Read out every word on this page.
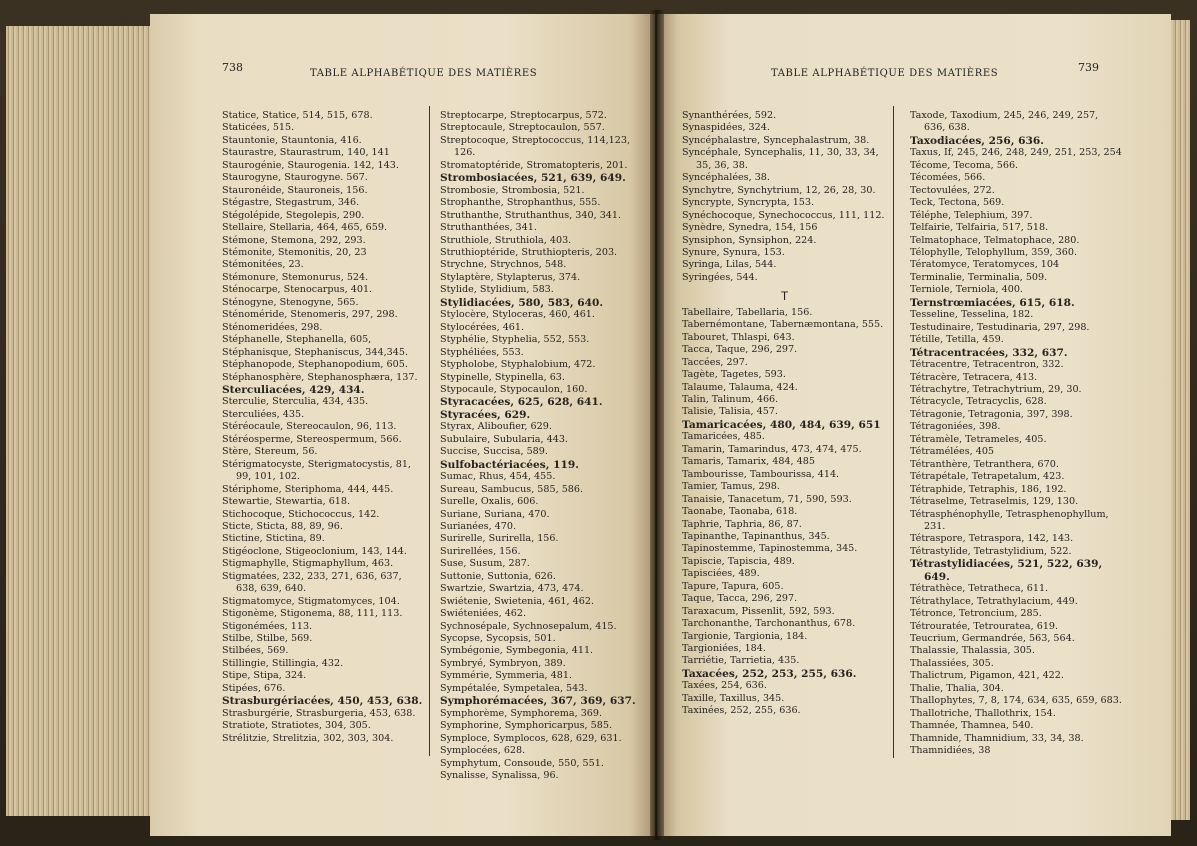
738	TABLE ALPHABÉTIQUE DES MATIÈRES
Statice, Statice, 514, 515, 678.
Staticées, 515.
Stauntonie, Stauntonia, 416.
Staurastre, Staurastrum, 140, 141
Staurogénie, Staurogenia. 142, 143.
Staurogyne, Staurogyne. 567.
Stauronéide, Stauroneis, 156.
Stégastre, Stegastrum, 346.
Stégolépide, Stegolepis, 290.
Stellaire, Stellaria, 464, 465, 659.
Stémone, Stemona, 292, 293.
Stémonite, Stemonitis, 20, 23
Stémonitées, 23.
Stémonure, Stemonurus, 524.
Sténocarpe, Stenocarpus, 401.
Sténogyne, Stenogyne, 565.
Sténoméride, Stenomeris, 297, 298.
Sténomeridées, 298.
Stéphanelle, Stephanella, 605,
Stéphanisque, Stephaniscus, 344,345.
Stéphanopode, Stephanopodium, 605.
Stéphanosphère, Stephanosphæra, 137.
Sterculiacées, 429, 434.
Sterculie, Sterculia, 434, 435.
Sterculiées, 435.
Stéréocaule, Stereocaulon, 96, 113.
Stéréosperme, Stereospermum, 566.
Stère, Stereum, 56.
Stérigmatocyste, Sterigmatocystis, 81, 99, 101, 102.
Stériphome, Steriphoma, 444, 445.
Stewartie, Stewartia, 618.
Stichocoque, Stichococcus, 142.
Sticte, Sticta, 88, 89, 96.
Stictine, Stictina, 89.
Stigéoclone, Stigeoclonium, 143, 144.
Stigmaphylle, Stigmaphyllum, 463.
Stigmatées, 232, 233, 271, 636, 637, 638, 639, 640.
Stigmatomyce, Stigmatomyces, 104.
Stigonème, Stigonema, 88, 111, 113.
Stigonémées, 113.
Stilbe, Stilbe, 569.
Stilbées, 569.
Stillingie, Stillingia, 432.
Stipe, Stipa, 324.
Stipées, 676.
Strasburgériacées, 450, 453, 638.
Strasburgérie, Strasburgeria, 453, 638.
Stratiote, Stratiotes, 304, 305.
Strélitzie, Strelitzia, 302, 303, 304.
Streptocarpe, Streptocarpus, 572.
Streptocaule, Streptocaulon, 557.
Streptocoque, Streptococcus, 114,123, 126.
Stromatoptéride, Stromatopteris, 201.
Strombosiacées, 521, 639, 649.
Strombosie, Strombosia, 521.
Strophanthe, Strophanthus, 555.
Struthanthe, Struthanthus, 340, 341.
Struthanthées, 341.
Struthiole, Struthiola, 403.
Struthioptéride, Struthiopteris, 203.
Strychne, Strychnos, 548.
Stylaptère, Stylapterus, 374.
Stylide, Stylidium, 583.
Stylidiacées, 580, 583, 640.
Stylocère, Styloceras, 460, 461.
Stylocérées, 461.
Styphélie, Styphelia, 552, 553.
Styphéliées, 553.
Stypholobe, Styphalobium, 472.
Stypinelle, Stypinella, 63.
Stypocaule, Stypocaulon, 160.
Styracacées, 625, 628, 641.
Styracées, 629.
Styrax, Aliboufier, 629.
Subulaire, Subularia, 443.
Succise, Succisa, 589.
Sulfobactériacées, 119.
Sumac, Rhus, 454, 455.
Sureau, Sambucus, 585, 586.
Surelle, Oxalis, 606.
Suriane, Suriana, 470.
Surianées, 470.
Surirelle, Surirella, 156.
Surirellées, 156.
Suse, Susum, 287.
Suttonie, Suttonia, 626.
Swartzie, Swartzia, 473, 474.
Swiétenie, Swietenia, 461, 462.
Swiéteniées, 462.
Sychnosépale, Sychnosepalum, 415.
Sycopse, Sycopsis, 501.
Symbégonie, Symbegonia, 411.
Symbryé, Symbryon, 389.
Symmérie, Symmeria, 481.
Sympétalée, Sympetalea, 543.
Symphorémacées, 367, 369, 637.
Symphorème, Symphorema, 369.
Symphorine, Symphoricarpus, 585.
Symploce, Symplocos, 628, 629, 631.
Symplocées, 628.
Symphytum, Consoude, 550, 551.
Synalisse, Synalissa, 96.
TABLE ALPHABÉTIQUE DES MATIÈRES	739
Synanthérées, 592.
Synaspidées, 324.
Syncéphalastre, Syncephalastrum, 38.
Syncéphale, Syncephalis, 11, 30, 33, 34, 35, 36, 38.
Syncéphalées, 38.
Synchytre, Synchytrium, 12, 26, 28, 30.
Syncrypte, Syncrypta, 153.
Synéchocoque, Synechococcus, 111, 112.
Synèdre, Synedra, 154, 156
Synsiphon, Synsiphon, 224.
Synure, Synura, 153.
Syringa, Lilas, 544.
Syringées, 544.
T
Tabellaire, Tabellaria, 156.
Tabernémontane, Tabernæmontana, 555.
Tabouret, Thlaspi, 643.
Tacca, Taque, 296, 297.
Taccées, 297.
Tagète, Tagetes, 593.
Talaume, Talauma, 424.
Talin, Talinum, 466.
Talisie, Talisia, 457.
Tamaricacées, 480, 484, 639, 651
Tamaricées, 485.
Tamarin, Tamarindus, 473, 474, 475.
Tamaris, Tamarix, 484, 485
Tambourisse, Tambourissa, 414.
Tamier, Tamus, 298.
Tanaisie, Tanacetum, 71, 590, 593.
Taonabe, Taonaba, 618.
Taphrie, Taphria, 86, 87.
Tapinanthe, Tapinanthus, 345.
Tapinostemme, Tapinostemma, 345.
Tapiscie, Tapiscia, 489.
Tapisciées, 489.
Tapure, Tapura, 605.
Taque, Tacca, 296, 297.
Taraxacum, Pissenlit, 592, 593.
Tarchonanthe, Tarchonanthus, 678.
Targionie, Targionia, 184.
Targioniées, 184.
Tarriétie, Tarrietia, 435.
Taxacées, 252, 253, 255, 636.
Taxées, 254, 636.
Taxille, Taxillus, 345.
Taxinées, 252, 255, 636.
Taxode, Taxodium, 245, 246, 249, 257, 636, 638.
Taxodiacées, 256, 636.
Taxus, If, 245, 246, 248, 249, 251, 253, 254
Técome, Tecoma, 566.
Técomées, 566.
Tectovulées, 272.
Teck, Tectona, 569.
Téléphe, Telephium, 397.
Telfairie, Telfairia, 517, 518.
Telmatophace, Telmatophace, 280.
Télophylle, Telophyllum, 359, 360.
Tératomyce, Teratomyces, 104
Terminalie, Terminalia, 509.
Terniole, Terniola, 400.
Ternstrœmiacées, 615, 618.
Tesseline, Tesselina, 182.
Testudinaire, Testudinaria, 297, 298.
Tétille, Tetilla, 459.
Tétracentracées, 332, 637.
Tétracentre, Tetracentron, 332.
Tétracère, Tetracera, 413.
Tétrachytre, Tetrachytrium, 29, 30.
Tétracycle, Tetracyclis, 628.
Tétragonie, Tetragonia, 397, 398.
Tétragoniées, 398.
Tétramèle, Tetrameles, 405.
Tétramélées, 405
Tétranthère, Tetranthera, 670.
Tétrapétale, Tetrapetalum, 423.
Tétraphide, Tetraphis, 186, 192.
Tétraselme, Tetraselmis, 129, 130.
Tétrasphénophylle, Tetrasphenophyllum, 231.
Tétraspore, Tetraspora, 142, 143.
Tétrastylide, Tetrastylidium, 522.
Tétrastylidiacées, 521, 522, 639, 649.
Tétrathèce, Tetratheca, 611.
Tétrathylace, Tetrathylacium, 449.
Tétronce, Tetroncium, 285.
Tétrouratée, Tetrouratea, 619.
Teucrium, Germandrée, 563, 564.
Thalassie, Thalassia, 305.
Thalassiées, 305.
Thalictrum, Pigamon, 421, 422.
Thalie, Thalia, 304.
Thallophytes, 7, 8, 174, 634, 635, 659, 683.
Thallotriche, Thallothrix, 154.
Thamnée, Thamnea, 540.
Thamnide, Thamnidium, 33, 34, 38.
Thamnidiées, 38
